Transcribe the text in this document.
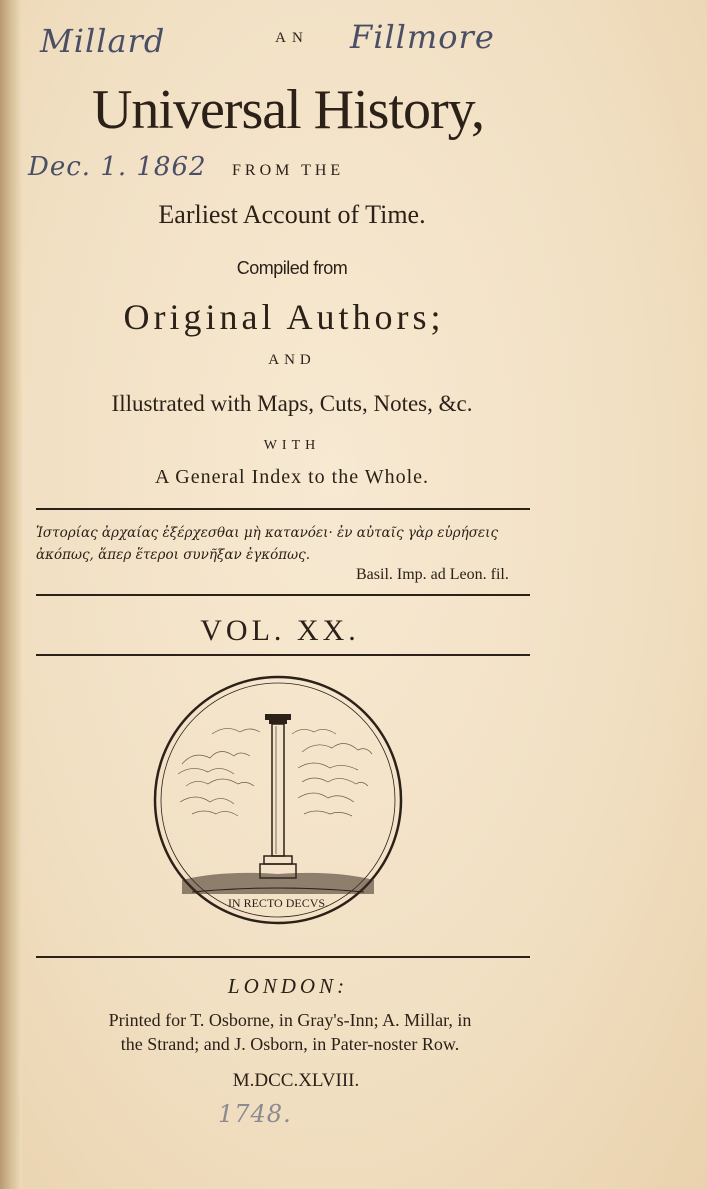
Millard	Fillmore
Dec. 1. 1862
AN
Universal History,
FROM THE
Earliest Account of Time.
Compiled from
Original Authors;
AND
Illustrated with Maps, Cuts, Notes, &c.
WITH
A General Index to the Whole.
Ἱστορίας ἀρχαίας ἐξέρχεσθαι μὴ κατανόει· ἐν αὐταῖς γὰρ εὑρήσεις
ἀκόπως, ἅπερ ἕτεροι συνῆξαν ἐγκόπως.
Basil. Imp. ad Leon. fil.
VOL. XX.
IN RECTO DECVS.
LONDON:
Printed for T. Osborne, in Gray's-Inn; A. Millar, in
the Strand; and J. Osborn, in Pater-noster Row.
M.DCC.XLVIII.
1748.
